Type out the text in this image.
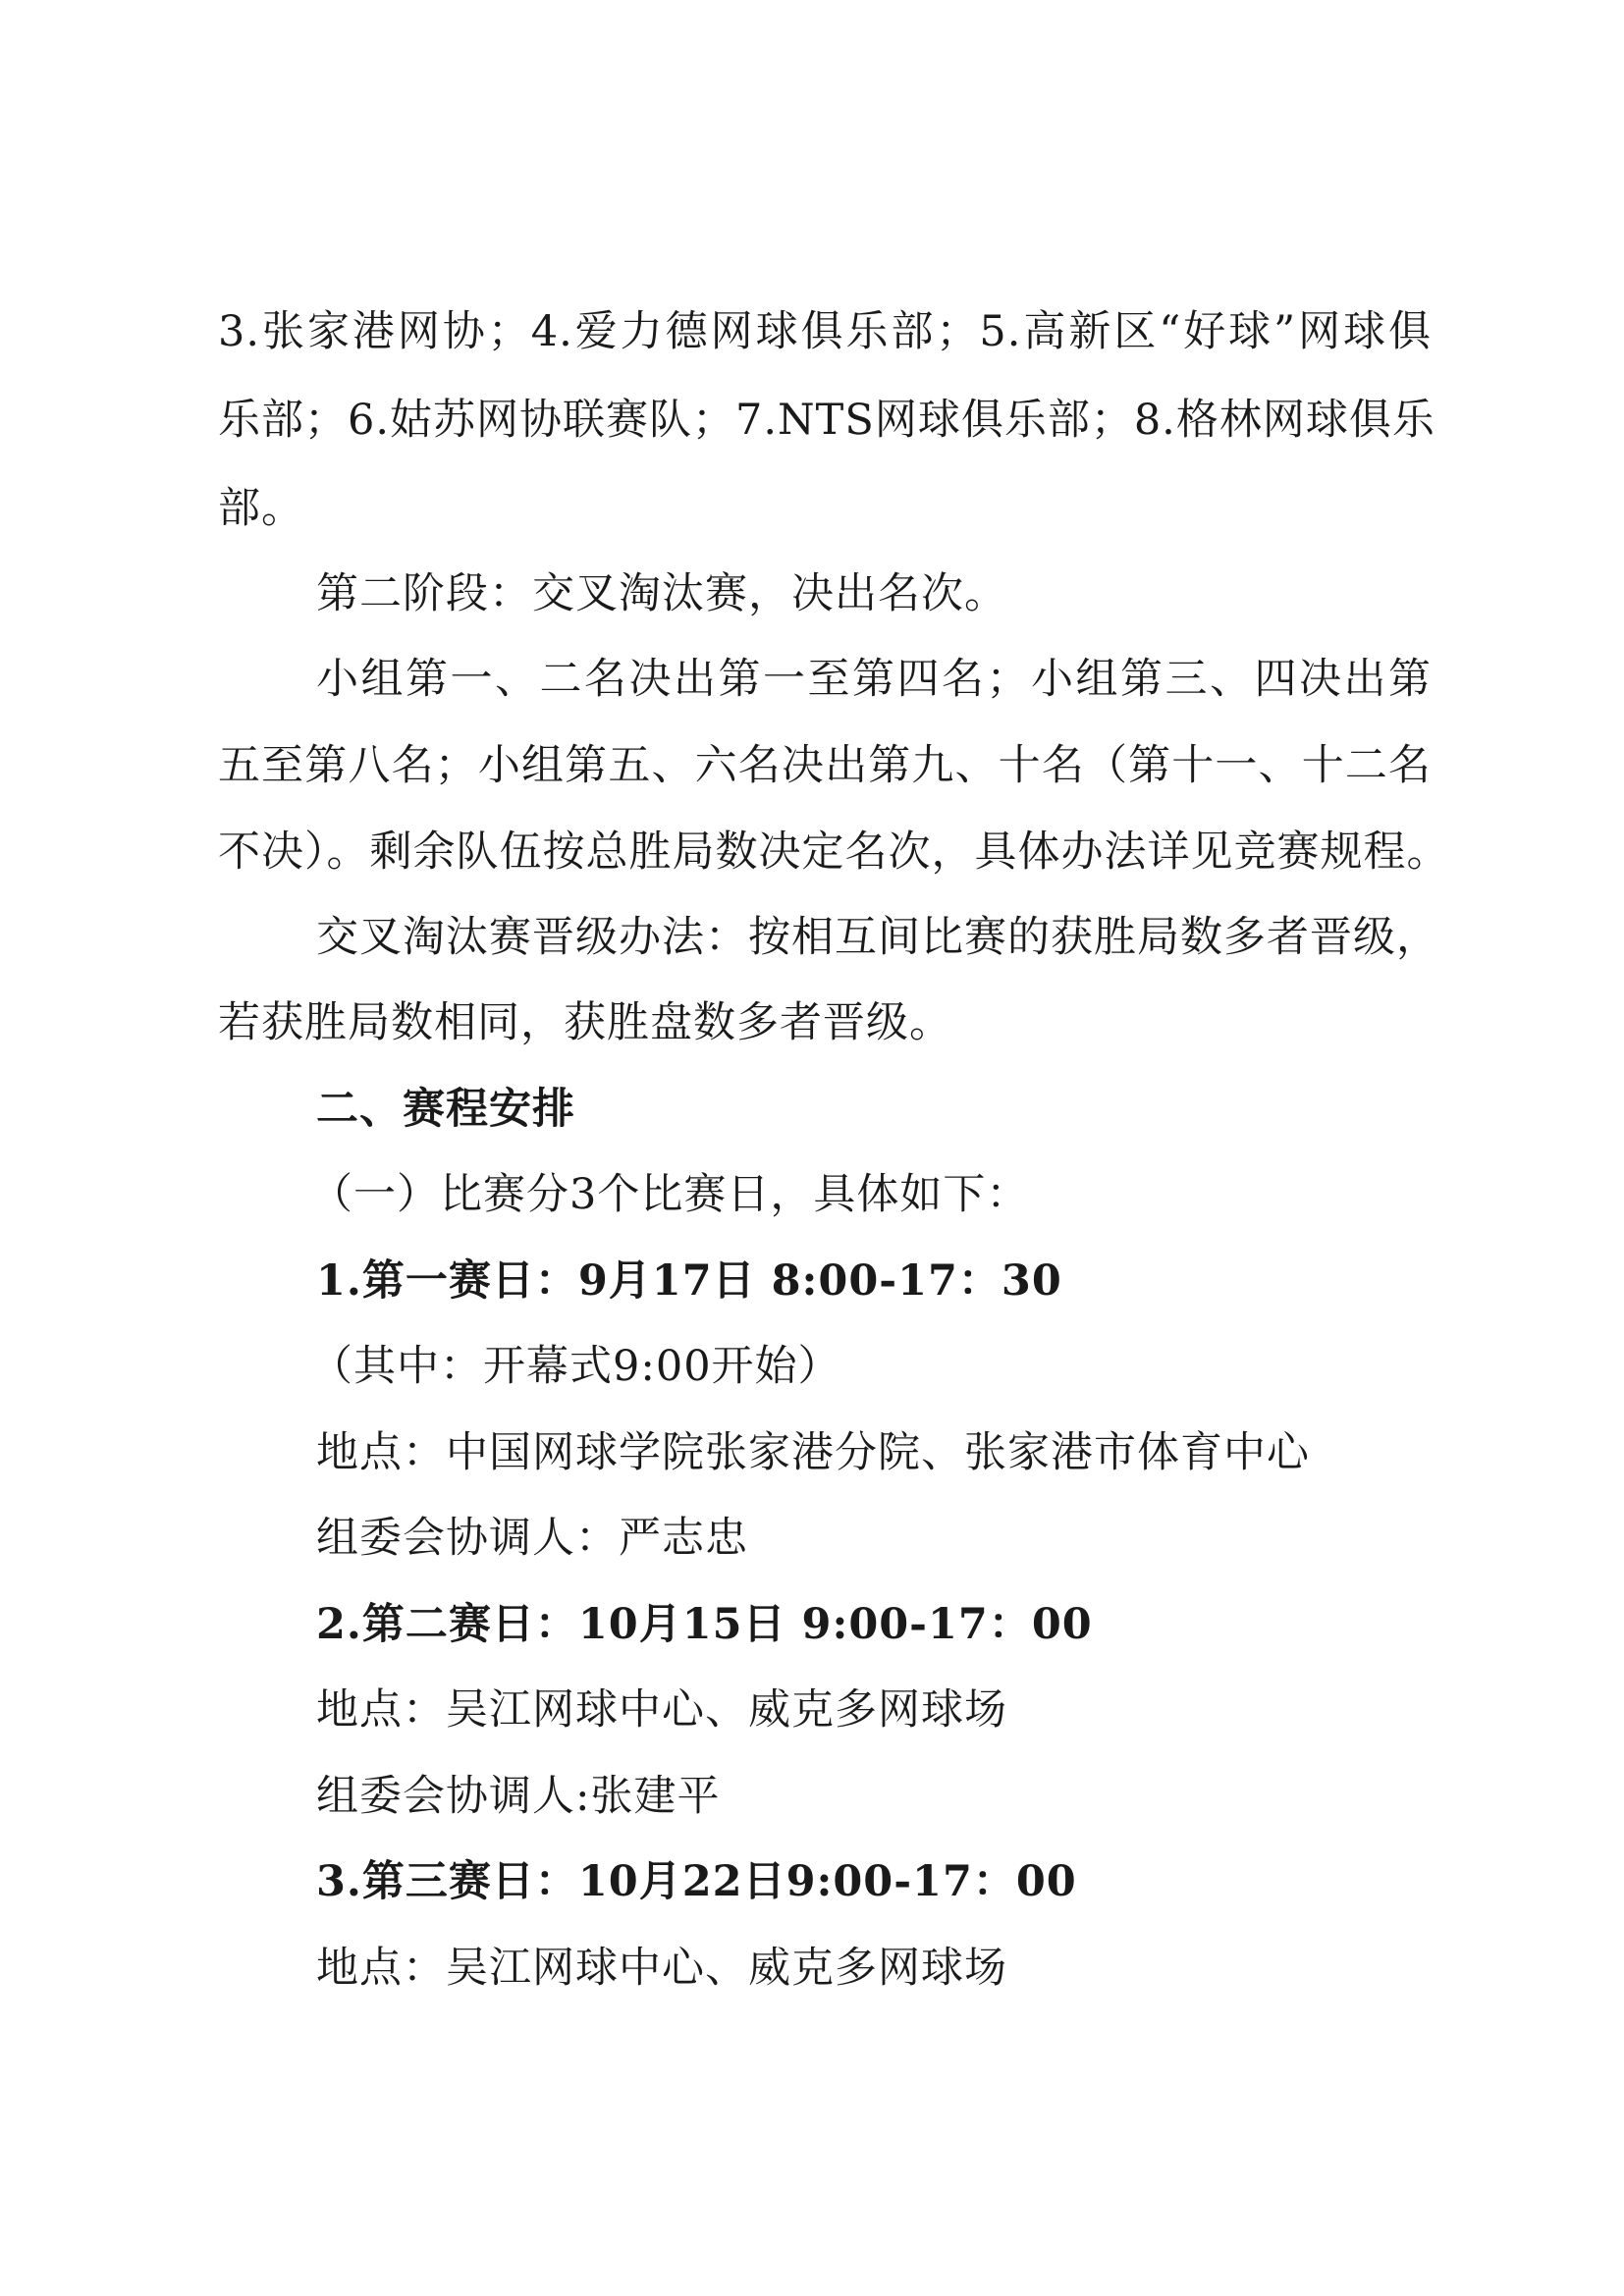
3.张家港网协；4.爱力德网球俱乐部；5.高新区“好球”网球俱
乐部；6.姑苏网协联赛队；7.NTS网球俱乐部；8.格林网球俱乐
部。
第二阶段：交叉淘汰赛，决出名次。
小组第一、二名决出第一至第四名；小组第三、四决出第
五至第八名；小组第五、六名决出第九、十名（第十一、十二名
不决）。剩余队伍按总胜局数决定名次，具体办法详见竞赛规程。
交叉淘汰赛晋级办法：按相互间比赛的获胜局数多者晋级，
若获胜局数相同，获胜盘数多者晋级。
二、赛程安排
（一）比赛分3个比赛日，具体如下：
1.第一赛日：9月17日 8:00-17：30
（其中：开幕式9:00开始）
地点：中国网球学院张家港分院、张家港市体育中心
组委会协调人：严志忠
2.第二赛日：10月15日 9:00-17：00
地点：吴江网球中心、威克多网球场
组委会协调人:张建平
3.第三赛日：10月22日9:00-17：00
地点：吴江网球中心、威克多网球场
